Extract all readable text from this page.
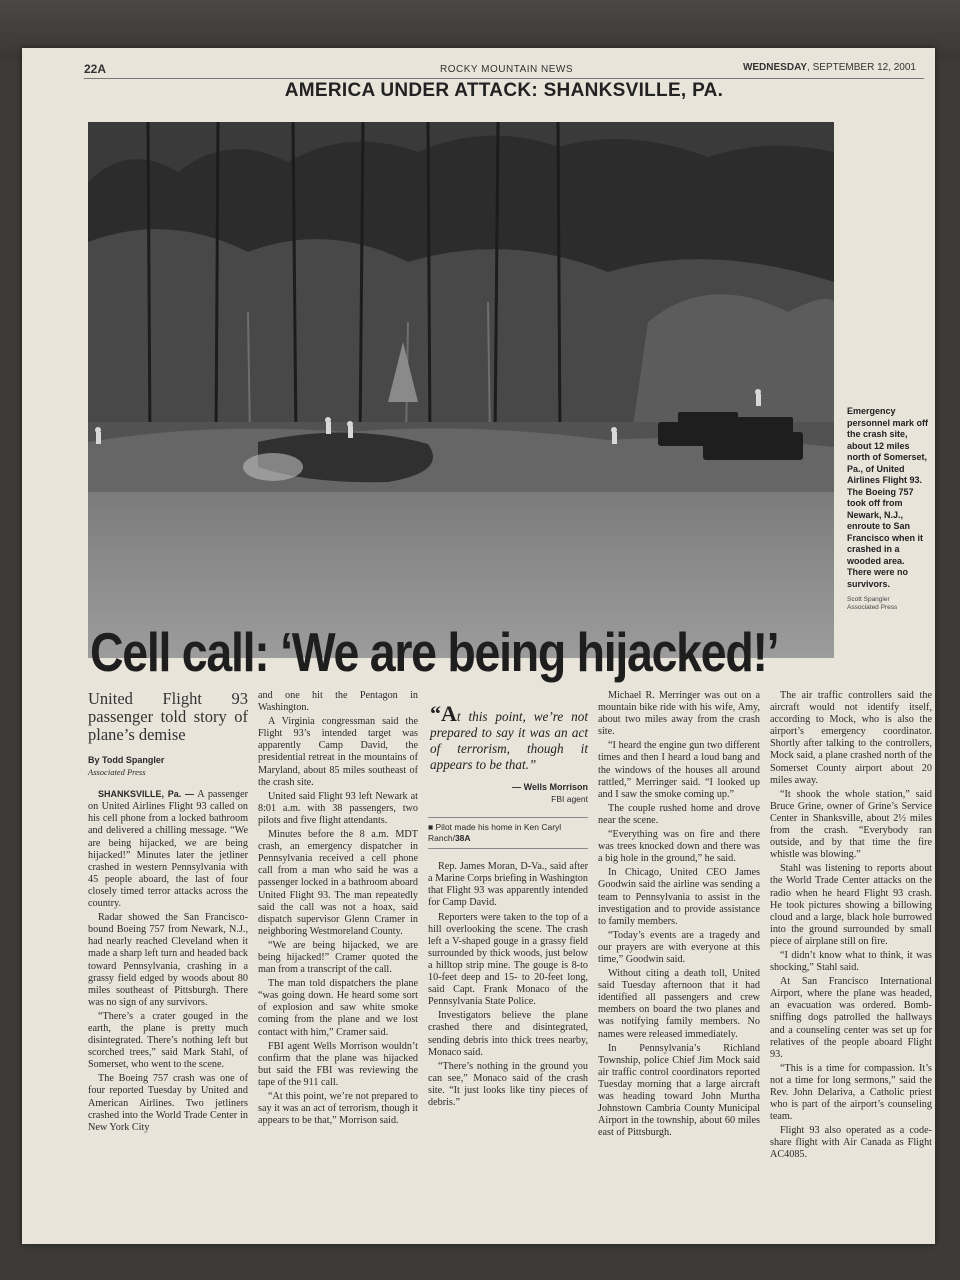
22A	ROCKY MOUNTAIN NEWS	WEDNESDAY, SEPTEMBER 12, 2001
AMERICA UNDER ATTACK: SHANKSVILLE, PA.
Emergency personnel mark off the crash site, about 12 miles north of Somerset, Pa., of United Airlines Flight 93. The Boeing 757 took off from Newark, N.J., enroute to San Francisco when it crashed in a wooded area. There were no survivors.
Scott Spangler
Associated Press
Cell call: ‘We are being hijacked!’
United Flight 93 passenger told story of plane’s demise
By Todd Spangler
Associated Press

SHANKSVILLE, Pa. — A passenger on United Airlines Flight 93 called on his cell phone from a locked bathroom and delivered a chilling message. “We are being hijacked, we are being hijacked!” Minutes later the jetliner crashed in western Pennsylvania with 45 people aboard, the last of four closely timed terror attacks across the country.

Radar showed the San Francisco-bound Boeing 757 from Newark, N.J., had nearly reached Cleveland when it made a sharp left turn and headed back toward Pennsylvania, crashing in a grassy field edged by woods about 80 miles southeast of Pittsburgh. There was no sign of any survivors.

“There’s a crater gouged in the earth, the plane is pretty much disintegrated. There’s nothing left but scorched trees,” said Mark Stahl, of Somerset, who went to the scene.

The Boeing 757 crash was one of four reported Tuesday by United and American Airlines. Two jetliners crashed into the World Trade Center in New York City

and one hit the Pentagon in Washington.

A Virginia congressman said the Flight 93’s intended target was apparently Camp David, the presidential retreat in the mountains of Maryland, about 85 miles southeast of the crash site.

United said Flight 93 left Newark at 8:01 a.m. with 38 passengers, two pilots and five flight attendants.

Minutes before the 8 a.m. MDT crash, an emergency dispatcher in Pennsylvania received a cell phone call from a man who said he was a passenger locked in a bathroom aboard United Flight 93. The man repeatedly said the call was not a hoax, said dispatch supervisor Glenn Cramer in neighboring Westmoreland County.

“We are being hijacked, we are being hijacked!” Cramer quoted the man from a transcript of the call.

The man told dispatchers the plane “was going down. He heard some sort of explosion and saw white smoke coming from the plane and we lost contact with him,” Cramer said.

FBI agent Wells Morrison wouldn’t confirm that the plane was hijacked but said the FBI was reviewing the tape of the 911 call.

“At this point, we’re not prepared to say it was an act of terrorism, though it appears to be that,” Morrison said.

“At this point, we’re not prepared to say it was an act of terrorism, though it appears to be that.”
— Wells Morrison
FBI agent
■ Pilot made his home in Ken Caryl Ranch/38A

Rep. James Moran, D-Va., said after a Marine Corps briefing in Washington that Flight 93 was apparently intended for Camp David.

Reporters were taken to the top of a hill overlooking the scene. The crash left a V-shaped gouge in a grassy field surrounded by thick woods, just below a hilltop strip mine. The gouge is 8-to 10-feet deep and 15- to 20-feet long, said Capt. Frank Monaco of the Pennsylvania State Police.

Investigators believe the plane crashed there and disintegrated, sending debris into thick trees nearby, Monaco said.

“There’s nothing in the ground you can see,” Monaco said of the crash site. “It just looks like tiny pieces of debris.”

Michael R. Merringer was out on a mountain bike ride with his wife, Amy, about two miles away from the crash site.

“I heard the engine gun two different times and then I heard a loud bang and the windows of the houses all around rattled,” Merringer said. “I looked up and I saw the smoke coming up.”

The couple rushed home and drove near the scene.

“Everything was on fire and there was trees knocked down and there was a big hole in the ground,” he said.

In Chicago, United CEO James Goodwin said the airline was sending a team to Pennsylvania to assist in the investigation and to provide assistance to family members.

“Today’s events are a tragedy and our prayers are with everyone at this time,” Goodwin said.

Without citing a death toll, United said Tuesday afternoon that it had identified all passengers and crew members on board the two planes and was notifying family members. No names were released immediately.

In Pennsylvania’s Richland Township, police Chief Jim Mock said air traffic control coordinators reported Tuesday morning that a large aircraft was heading toward John Murtha Johnstown Cambria County Municipal Airport in the township, about 60 miles east of Pittsburgh.

The air traffic controllers said the aircraft would not identify itself, according to Mock, who is also the airport’s emergency coordinator. Shortly after talking to the controllers, Mock said, a plane crashed north of the Somerset County airport about 20 miles away.

“It shook the whole station,” said Bruce Grine, owner of Grine’s Service Center in Shanksville, about 2½ miles from the crash. “Everybody ran outside, and by that time the fire whistle was blowing.”

Stahl was listening to reports about the World Trade Center attacks on the radio when he heard Flight 93 crash. He took pictures showing a billowing cloud and a large, black hole burrowed into the ground surrounded by small piece of airplane still on fire.

“I didn’t know what to think, it was shocking,” Stahl said.

At San Francisco International Airport, where the plane was headed, an evacuation was ordered. Bomb-sniffing dogs patrolled the hallways and a counseling center was set up for relatives of the people aboard Flight 93.

“This is a time for compassion. It’s not a time for long sermons,” said the Rev. John Delariva, a Catholic priest who is part of the airport’s counseling team.

Flight 93 also operated as a code-share flight with Air Canada as Flight AC4085.
